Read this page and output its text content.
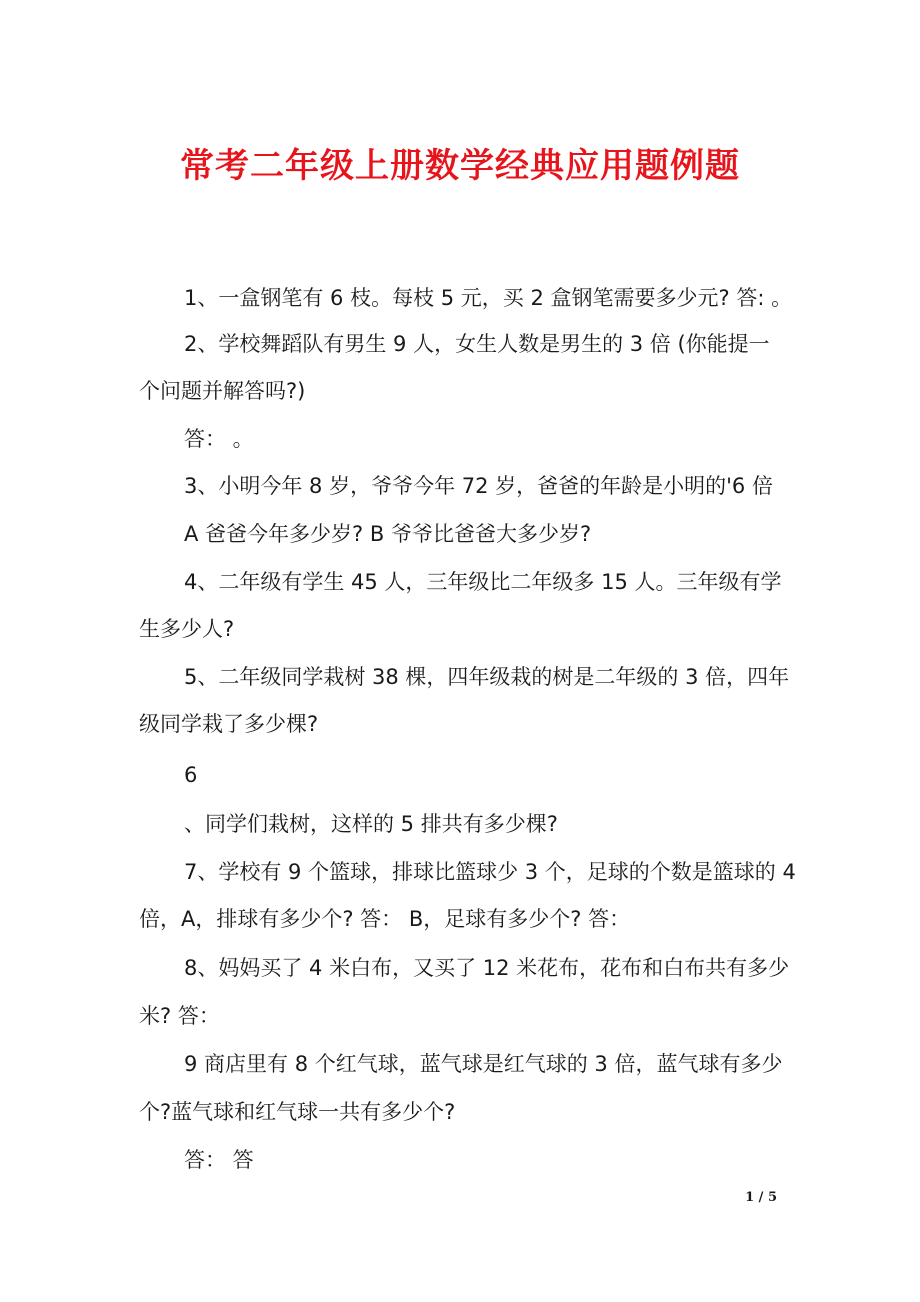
常考二年级上册数学经典应用题例题
1、一盒钢笔有 6 枝。每枝 5 元，买 2 盒钢笔需要多少元? 答: 。
2、学校舞蹈队有男生 9 人，女生人数是男生的 3 倍 (你能提一
个问题并解答吗?)
答： 。
3、小明今年 8 岁，爷爷今年 72 岁，爸爸的年龄是小明的'6 倍
A 爸爸今年多少岁? B 爷爷比爸爸大多少岁?
4、二年级有学生 45 人，三年级比二年级多 15 人。三年级有学
生多少人?
5、二年级同学栽树 38 棵，四年级栽的树是二年级的 3 倍，四年
级同学栽了多少棵?
6
、同学们栽树，这样的 5 排共有多少棵?
7、学校有 9 个篮球，排球比篮球少 3 个，足球的个数是篮球的 4
倍，A，排球有多少个? 答： B，足球有多少个? 答：
8、妈妈买了 4 米白布，又买了 12 米花布，花布和白布共有多少
米? 答：
9 商店里有 8 个红气球，蓝气球是红气球的 3 倍，蓝气球有多少
个?蓝气球和红气球一共有多少个?
答： 答
1 / 5
